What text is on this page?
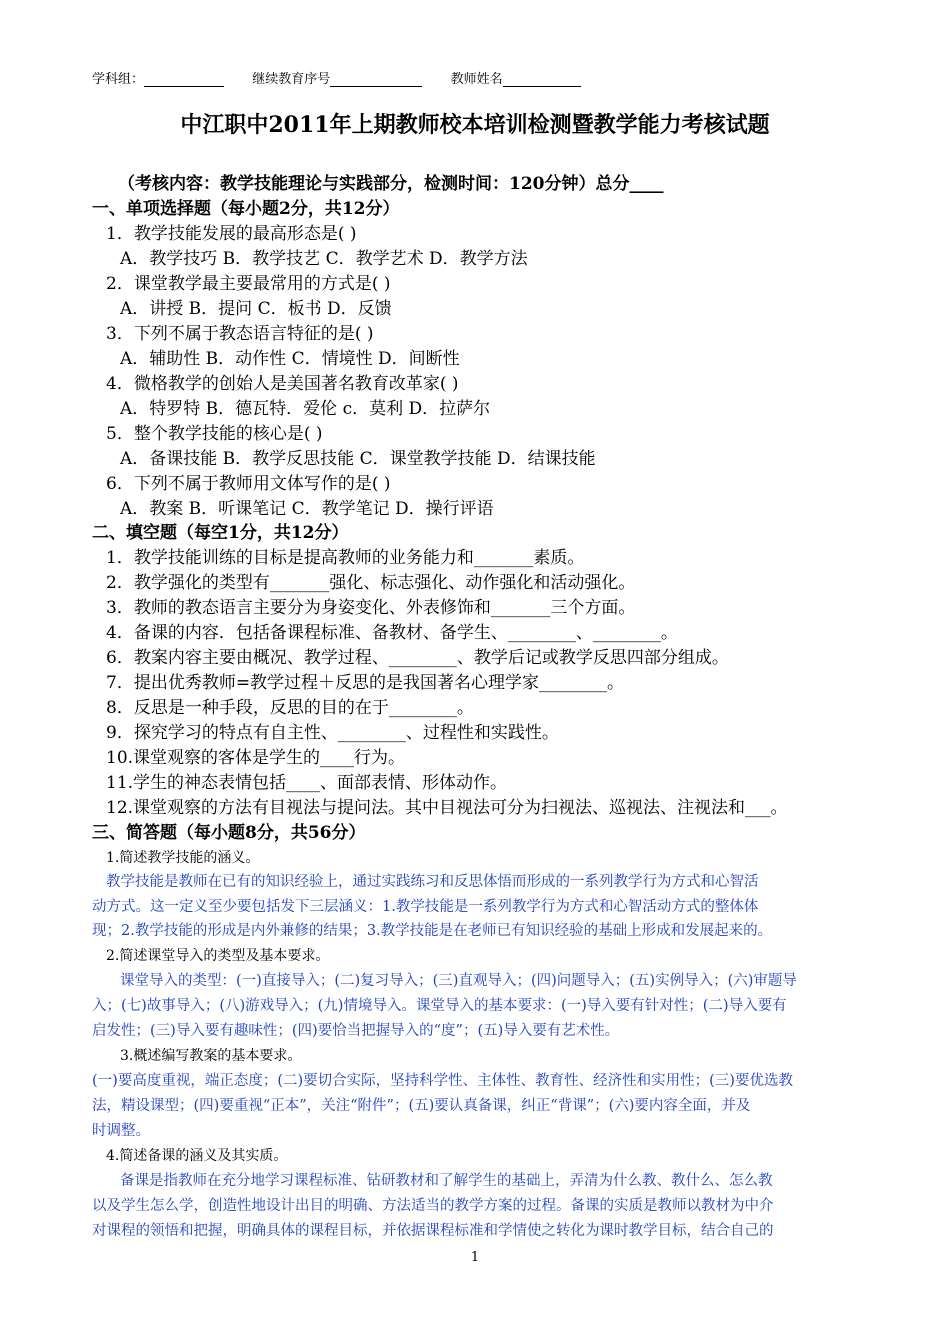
学科组：	继续教育序号	教师姓名
中江职中2011年上期教师校本培训检测暨教学能力考核试题
（考核内容：教学技能理论与实践部分，检测时间：120分钟）总分____
一、单项选择题（每小题2分，共12分）
1．教学技能发展的最高形态是( )
A．教学技巧 B．教学技艺 C．教学艺术 D．教学方法
2．课堂教学最主要最常用的方式是( )
A．讲授 B．提问 C．板书 D．反馈
3．下列不属于教态语言特征的是( )
A．辅助性 B．动作性 C．情境性 D．间断性
4．微格教学的创始人是美国著名教育改革家( )
A．特罗特 B．德瓦特．爱伦 c．莫利 D．拉萨尔
5．整个教学技能的核心是( )
A．备课技能 B．教学反思技能 C．课堂教学技能 D．结课技能
6．下列不属于教师用文体写作的是( )
A．教案 B．听课笔记 C．教学笔记 D．操行评语
二、填空题（每空1分，共12分）
1．教学技能训练的目标是提高教师的业务能力和_______素质。
2．教学强化的类型有_______强化、标志强化、动作强化和活动强化。
3．教师的教态语言主要分为身姿变化、外表修饰和_______三个方面。
4．备课的内容．包括备课程标准、备教材、备学生、________、________。
6．教案内容主要由概况、教学过程、________、教学后记或教学反思四部分组成。
7．提出优秀教师=教学过程＋反思的是我国著名心理学家________。
8．反思是一种手段，反思的目的在于________。
9．探究学习的特点有自主性、________、过程性和实践性。
10.课堂观察的客体是学生的____行为。
11.学生的神态表情包括____、面部表情、形体动作。
12.课堂观察的方法有目视法与提问法。其中目视法可分为扫视法、巡视法、注视法和___。
三、简答题（每小题8分，共56分）
1.简述教学技能的涵义。
教学技能是教师在已有的知识经验上，通过实践练习和反思体悟而形成的一系列教学行为方式和心智活
动方式。这一定义至少要包括发下三层涵义：1.教学技能是一系列教学行为方式和心智活动方式的整体体
现；2.教学技能的形成是内外兼修的结果；3.教学技能是在老师已有知识经验的基础上形成和发展起来的。
2.简述课堂导入的类型及基本要求。
课堂导入的类型：(一)直接导入；(二)复习导入；(三)直观导入；(四)问题导入；(五)实例导入；(六)审题导
入；(七)故事导入；(八)游戏导入；(九)情境导入。课堂导入的基本要求：(一)导入要有针对性；(二)导入要有
启发性；(三)导入要有趣味性；(四)要恰当把握导入的“度”；(五)导入要有艺术性。
3.概述编写教案的基本要求。
(一)要高度重视，端正态度；(二)要切合实际，坚持科学性、主体性、教育性、经济性和实用性；(三)要优选教
法，精设课型；(四)要重视“正本”，关注“附件”；(五)要认真备课，纠正“背课”；(六)要内容全面，并及
时调整。
4.简述备课的涵义及其实质。
备课是指教师在充分地学习课程标准、钻研教材和了解学生的基础上，弄清为什么教、教什么、怎么教
以及学生怎么学，创造性地设计出目的明确、方法适当的教学方案的过程。备课的实质是教师以教材为中介
对课程的领悟和把握，明确具体的课程目标，并依据课程标准和学情使之转化为课时教学目标，结合自己的
1
